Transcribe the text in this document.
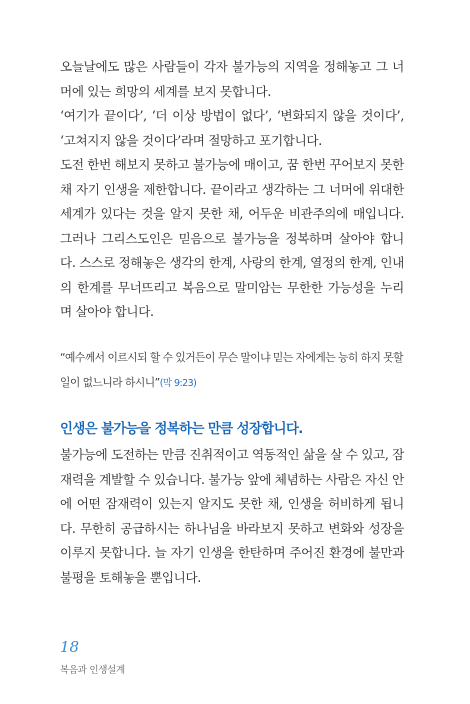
오늘날에도 많은 사람들이 각자 불가능의 지역을 정해놓고 그 너머에 있는 희망의 세계를 보지 못합니다.

‘여기가 끝이다’, ‘더 이상 방법이 없다’, ‘변화되지 않을 것이다’, ‘고쳐지지 않을 것이다’라며 절망하고 포기합니다.

도전 한번 해보지 못하고 불가능에 매이고, 꿈 한번 꾸어보지 못한 채 자기 인생을 제한합니다. 끝이라고 생각하는 그 너머에 위대한 세계가 있다는 것을 알지 못한 채, 어두운 비관주의에 매입니다. 그러나 그리스도인은 믿음으로 불가능을 정복하며 살아야 합니다. 스스로 정해놓은 생각의 한계, 사랑의 한계, 열정의 한계, 인내의 한계를 무너뜨리고 복음으로 말미암는 무한한 가능성을 누리며 살아야 합니다.

“예수께서 이르시되 할 수 있거든이 무슨 말이냐 믿는 자에게는 능히 하지 못할 일이 없느니라 하시니”(막 9:23)

인생은 불가능을 정복하는 만큼 성장합니다.

불가능에 도전하는 만큼 진취적이고 역동적인 삶을 살 수 있고, 잠재력을 계발할 수 있습니다. 불가능 앞에 체념하는 사람은 자신 안에 어떤 잠재력이 있는지 알지도 못한 채, 인생을 허비하게 됩니다. 무한히 공급하시는 하나님을 바라보지 못하고 변화와 성장을 이루지 못합니다. 늘 자기 인생을 한탄하며 주어진 환경에 불만과 불평을 토해놓을 뿐입니다.

18
복음과 인생설계
